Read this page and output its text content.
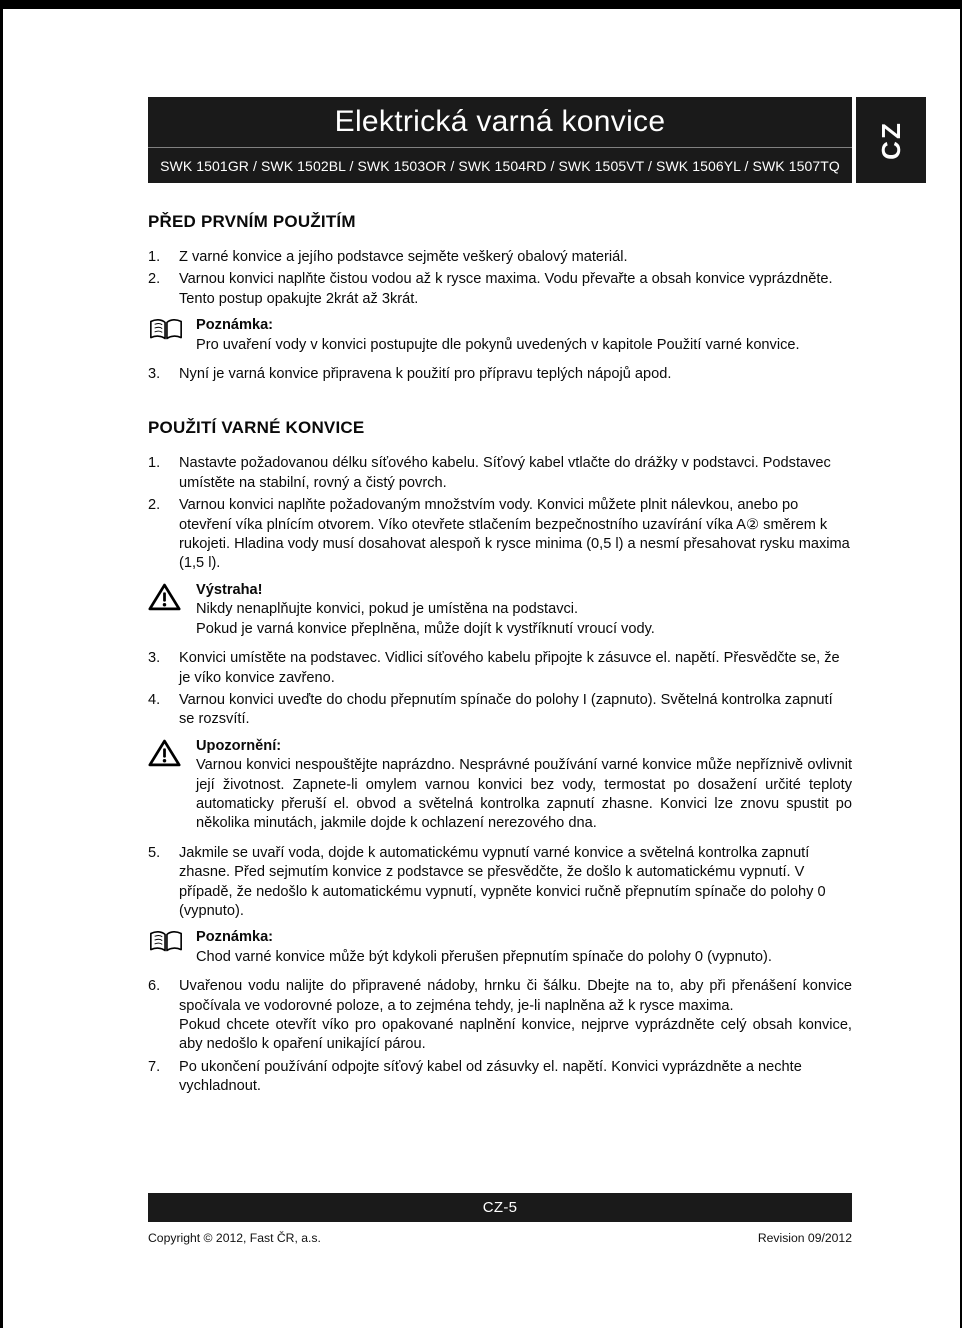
Elektrická varná konvice
SWK 1501GR / SWK 1502BL / SWK 1503OR / SWK 1504RD / SWK 1505VT / SWK 1506YL / SWK 1507TQ
CZ
PŘED PRVNÍM POUŽITÍM
1.	Z varné konvice a jejího podstavce sejměte veškerý obalový materiál.
2.	Varnou konvici naplňte čistou vodou až k rysce maxima. Vodu převařte a obsah konvice vyprázdněte. Tento postup opakujte 2krát až 3krát.
Poznámka:
Pro uvaření vody v konvici postupujte dle pokynů uvedených v kapitole Použití varné konvice.
3.	Nyní je varná konvice připravena k použití pro přípravu teplých nápojů apod.
POUŽITÍ VARNÉ KONVICE
1.	Nastavte požadovanou délku síťového kabelu. Síťový kabel vtlačte do drážky v podstavci. Podstavec umístěte na stabilní, rovný a čistý povrch.
2.	Varnou konvici naplňte požadovaným množstvím vody. Konvici můžete plnit nálevkou, anebo po otevření víka plnícím otvorem. Víko otevřete stlačením bezpečnostního uzavírání víka A② směrem k rukojeti. Hladina vody musí dosahovat alespoň k rysce minima (0,5 l) a nesmí přesahovat rysku maxima (1,5 l).
Výstraha!
Nikdy nenaplňujte konvici, pokud je umístěna na podstavci.
Pokud je varná konvice přeplněna, může dojít k vystříknutí vroucí vody.
3.	Konvici umístěte na podstavec. Vidlici síťového kabelu připojte k zásuvce el. napětí. Přesvědčte se, že je víko konvice zavřeno.
4.	Varnou konvici uveďte do chodu přepnutím spínače do polohy I (zapnuto). Světelná kontrolka zapnutí se rozsvítí.
Upozornění:
Varnou konvici nespouštějte naprázdno. Nesprávné používání varné konvice může nepříznivě ovlivnit její životnost. Zapnete-li omylem varnou konvici bez vody, termostat po dosažení určité teploty automaticky přeruší el. obvod a světelná kontrolka zapnutí zhasne. Konvici lze znovu spustit po několika minutách, jakmile dojde k ochlazení nerezového dna.
5.	Jakmile se uvaří voda, dojde k automatickému vypnutí varné konvice a světelná kontrolka zapnutí zhasne. Před sejmutím konvice z podstavce se přesvědčte, že došlo k automatickému vypnutí. V případě, že nedošlo k automatickému vypnutí, vypněte konvici ručně přepnutím spínače do polohy 0 (vypnuto).
Poznámka:
Chod varné konvice může být kdykoli přerušen přepnutím spínače do polohy 0 (vypnuto).
6.	Uvařenou vodu nalijte do připravené nádoby, hrnku či šálku. Dbejte na to, aby při přenášení konvice spočívala ve vodorovné poloze, a to zejména tehdy, je-li naplněna až k rysce maxima.
Pokud chcete otevřít víko pro opakované naplnění konvice, nejprve vyprázdněte celý obsah konvice, aby nedošlo k opaření unikající párou.
7.	Po ukončení používání odpojte síťový kabel od zásuvky el. napětí. Konvici vyprázdněte a nechte vychladnout.
CZ-5
Copyright © 2012, Fast ČR, a.s.	Revision 09/2012
